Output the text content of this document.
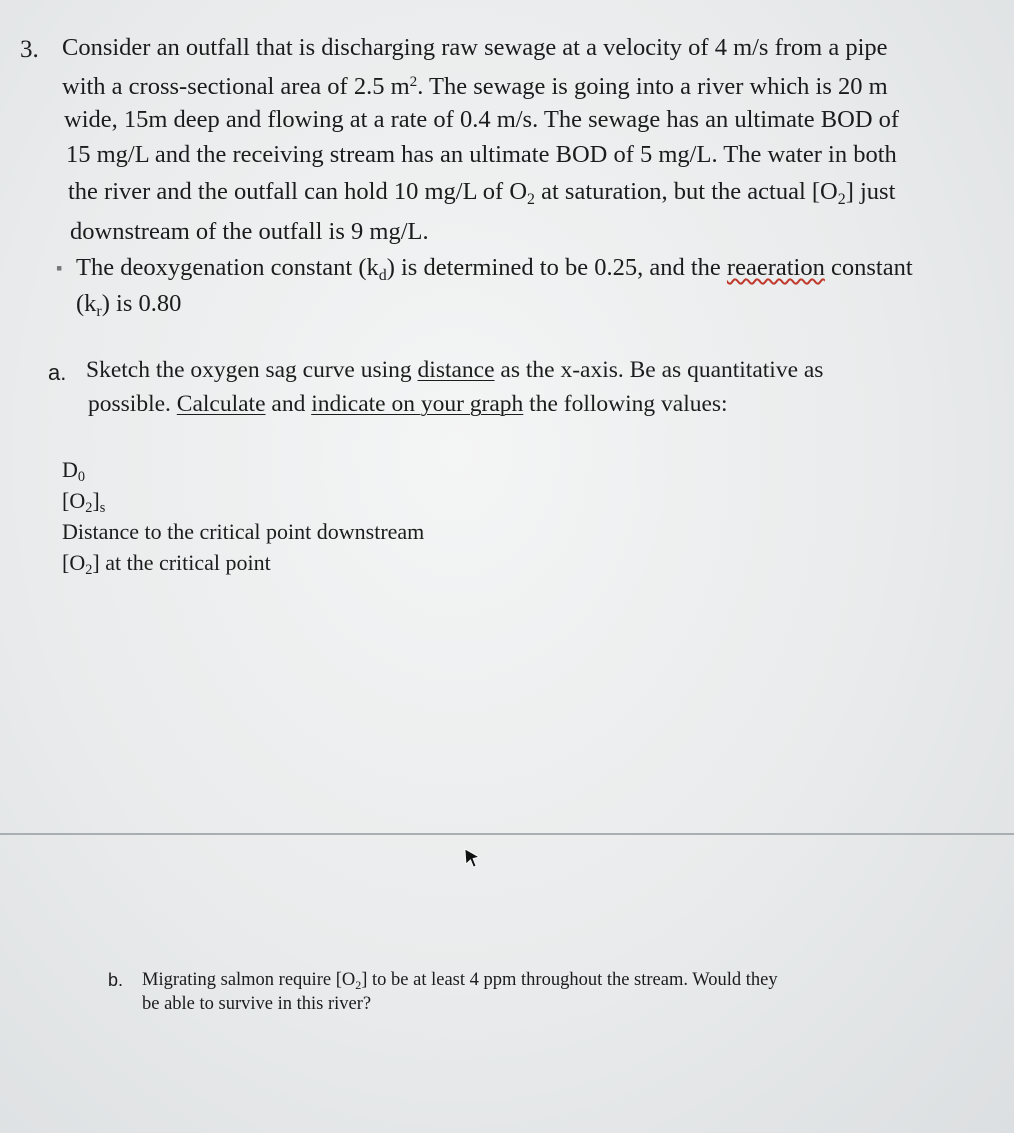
3. Consider an outfall that is discharging raw sewage at a velocity of 4 m/s from a pipe
with a cross-sectional area of 2.5 $m^2$. The sewage is going into a river which is 20 m
wide, 15m deep and flowing at a rate of 0.4 m/s. The sewage has an ultimate BOD of
15 mg/L and the receiving stream has an ultimate BOD of 5 mg/L. The water in both
the river and the outfall can hold 10 mg/L of O2 at saturation, but the actual [O2] just
downstream of the outfall is 9 mg/L.
▪ The deoxygenation constant (kd) is determined to be 0.25, and the reaeration constant
(kr) is 0.80
a. Sketch the oxygen sag curve using distance as the x-axis. Be as quantitative as
possible. Calculate and indicate on your graph the following values:
D0
[O2]s
Distance to the critical point downstream
[O2] at the critical point
b. Migrating salmon require [O2] to be at least 4 ppm throughout the stream. Would they
be able to survive in this river?
